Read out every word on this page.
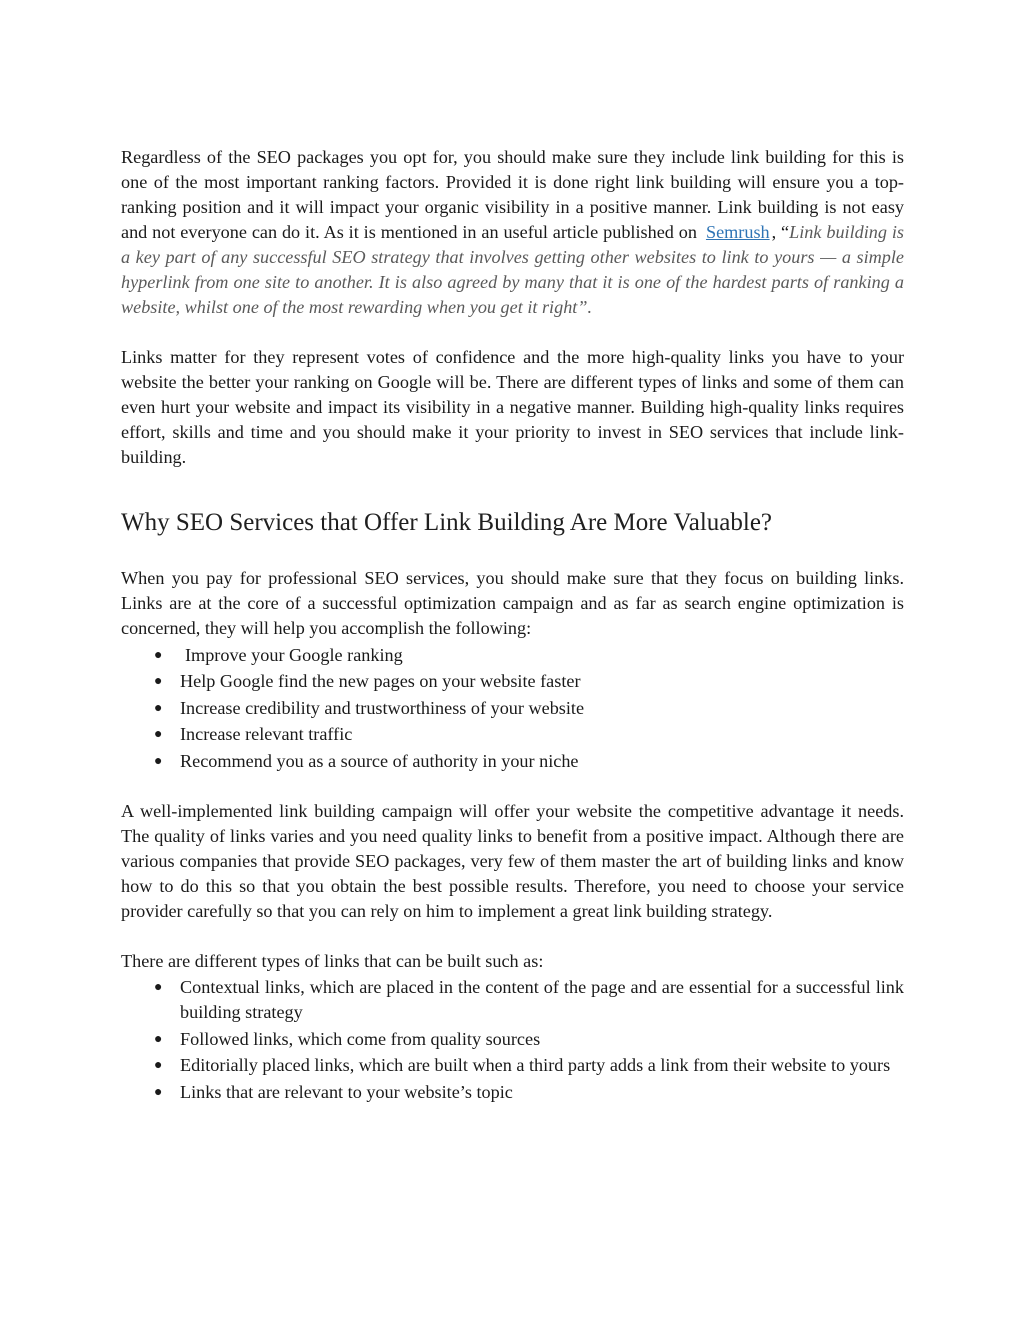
Regardless of the SEO packages you opt for, you should make sure they include link building for this is one of the most important ranking factors. Provided it is done right link building will ensure you a top-ranking position and it will impact your organic visibility in a positive manner. Link building is not easy and not everyone can do it. As it is mentioned in an useful article published on Semrush , “Link building is a key part of any successful SEO strategy that involves getting other websites to link to yours — a simple hyperlink from one site to another. It is also agreed by many that it is one of the hardest parts of ranking a website, whilst one of the most rewarding when you get it right”.

Links matter for they represent votes of confidence and the more high-quality links you have to your website the better your ranking on Google will be. There are different types of links and some of them can even hurt your website and impact its visibility in a negative manner. Building high-quality links requires effort, skills and time and you should make it your priority to invest in SEO services that include link-building.

Why SEO Services that Offer Link Building Are More Valuable?

When you pay for professional SEO services, you should make sure that they focus on building links. Links are at the core of a successful optimization campaign and as far as search engine optimization is concerned, they will help you accomplish the following:

● Improve your Google ranking
● Help Google find the new pages on your website faster
● Increase credibility and trustworthiness of your website
● Increase relevant traffic
● Recommend you as a source of authority in your niche

A well-implemented link building campaign will offer your website the competitive advantage it needs. The quality of links varies and you need quality links to benefit from a positive impact. Although there are various companies that provide SEO packages, very few of them master the art of building links and know how to do this so that you obtain the best possible results. Therefore, you need to choose your service provider carefully so that you can rely on him to implement a great link building strategy.

There are different types of links that can be built such as:

● Contextual links, which are placed in the content of the page and are essential for a successful link building strategy
● Followed links, which come from quality sources
● Editorially placed links, which are built when a third party adds a link from their website to yours
● Links that are relevant to your website’s topic
